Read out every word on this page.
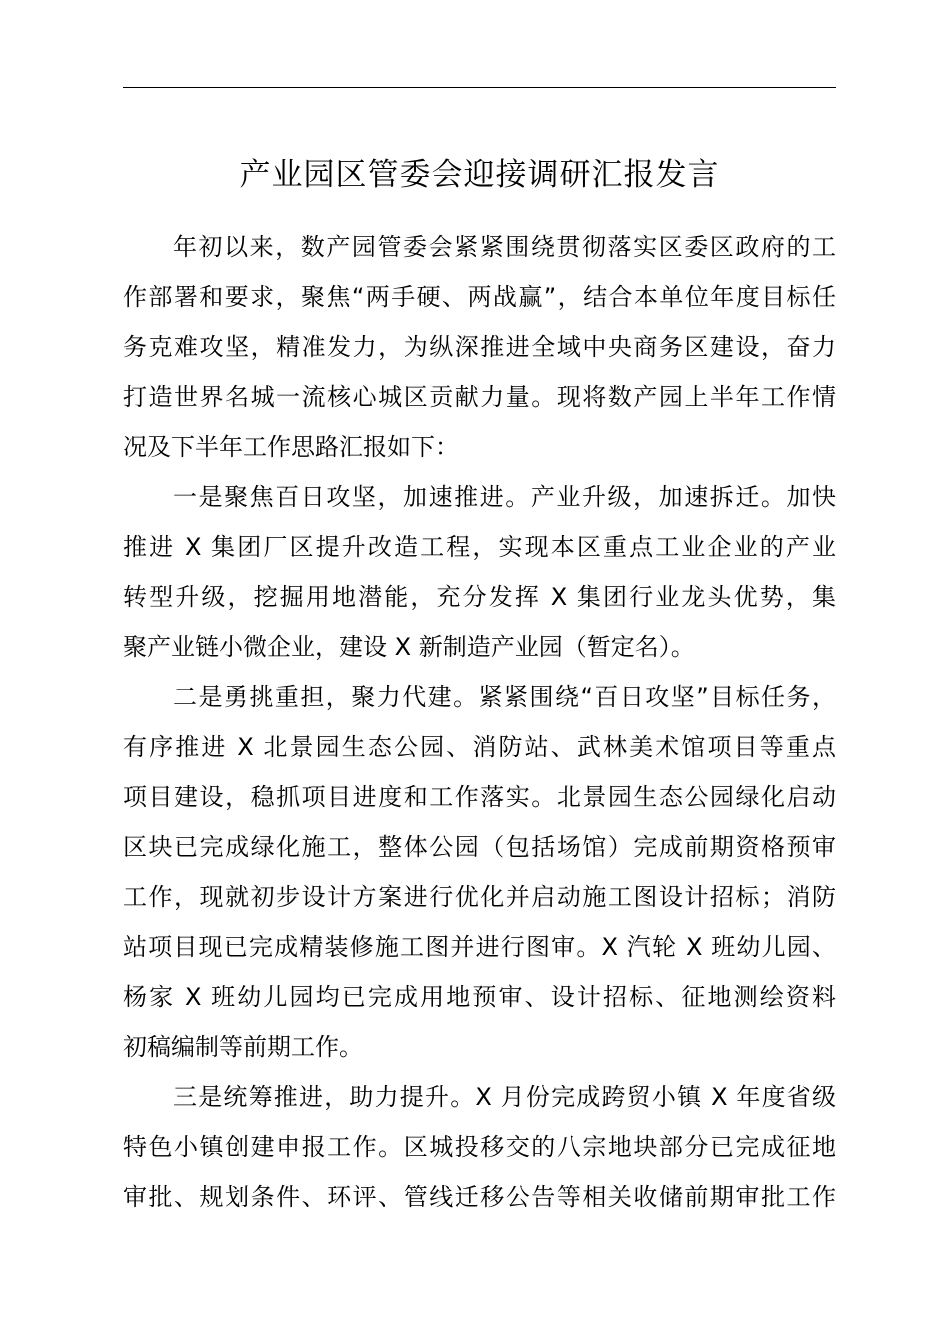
产业园区管委会迎接调研汇报发言
年初以来，数产园管委会紧紧围绕贯彻落实区委区政府的工
作部署和要求，聚焦“两手硬、两战赢”，结合本单位年度目标任
务克难攻坚，精准发力，为纵深推进全域中央商务区建设，奋力
打造世界名城一流核心城区贡献力量。现将数产园上半年工作情
况及下半年工作思路汇报如下：
一是聚焦百日攻坚，加速推进。产业升级，加速拆迁。加快
推进 X 集团厂区提升改造工程，实现本区重点工业企业的产业
转型升级，挖掘用地潜能，充分发挥 X 集团行业龙头优势，集
聚产业链小微企业，建设 X 新制造产业园（暂定名）。
二是勇挑重担，聚力代建。紧紧围绕“百日攻坚”目标任务，
有序推进 X 北景园生态公园、消防站、武林美术馆项目等重点
项目建设，稳抓项目进度和工作落实。北景园生态公园绿化启动
区块已完成绿化施工，整体公园（包括场馆）完成前期资格预审
工作，现就初步设计方案进行优化并启动施工图设计招标；消防
站项目现已完成精装修施工图并进行图审。X 汽轮 X 班幼儿园、
杨家 X 班幼儿园均已完成用地预审、设计招标、征地测绘资料
初稿编制等前期工作。
三是统筹推进，助力提升。X 月份完成跨贸小镇 X 年度省级
特色小镇创建申报工作。区城投移交的八宗地块部分已完成征地
审批、规划条件、环评、管线迁移公告等相关收储前期审批工作
